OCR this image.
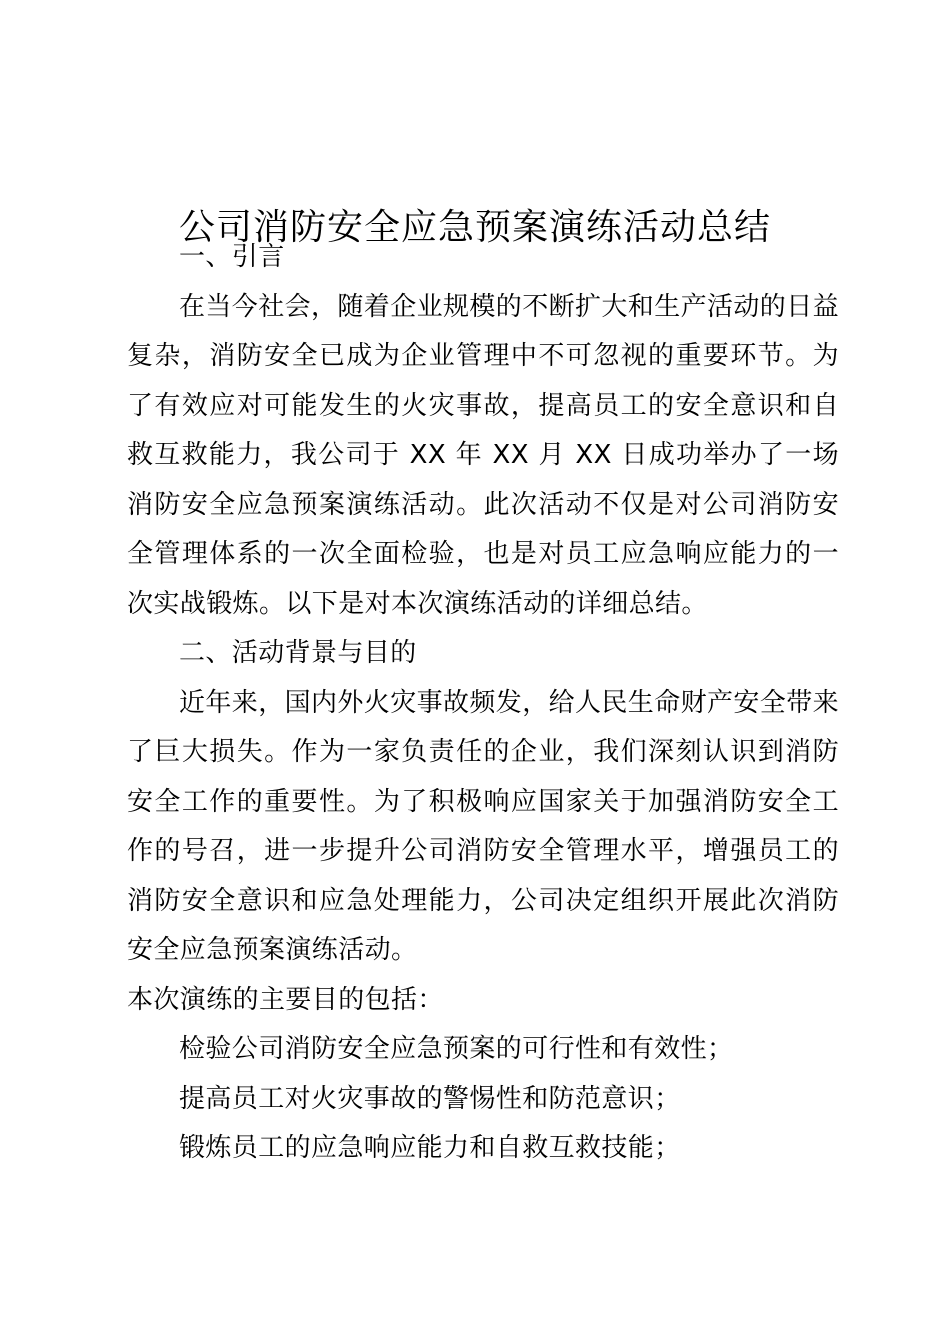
公司消防安全应急预案演练活动总结

一、引言

在当今社会，随着企业规模的不断扩大和生产活动的日益复杂，消防安全已成为企业管理中不可忽视的重要环节。为了有效应对可能发生的火灾事故，提高员工的安全意识和自救互救能力，我公司于 XX 年 XX 月 XX 日成功举办了一场消防安全应急预案演练活动。此次活动不仅是对公司消防安全管理体系的一次全面检验，也是对员工应急响应能力的一次实战锻炼。以下是对本次演练活动的详细总结。

二、活动背景与目的

近年来，国内外火灾事故频发，给人民生命财产安全带来了巨大损失。作为一家负责任的企业，我们深刻认识到消防安全工作的重要性。为了积极响应国家关于加强消防安全工作的号召，进一步提升公司消防安全管理水平，增强员工的消防安全意识和应急处理能力，公司决定组织开展此次消防安全应急预案演练活动。

本次演练的主要目的包括：

检验公司消防安全应急预案的可行性和有效性；

提高员工对火灾事故的警惕性和防范意识；

锻炼员工的应急响应能力和自救互救技能；
